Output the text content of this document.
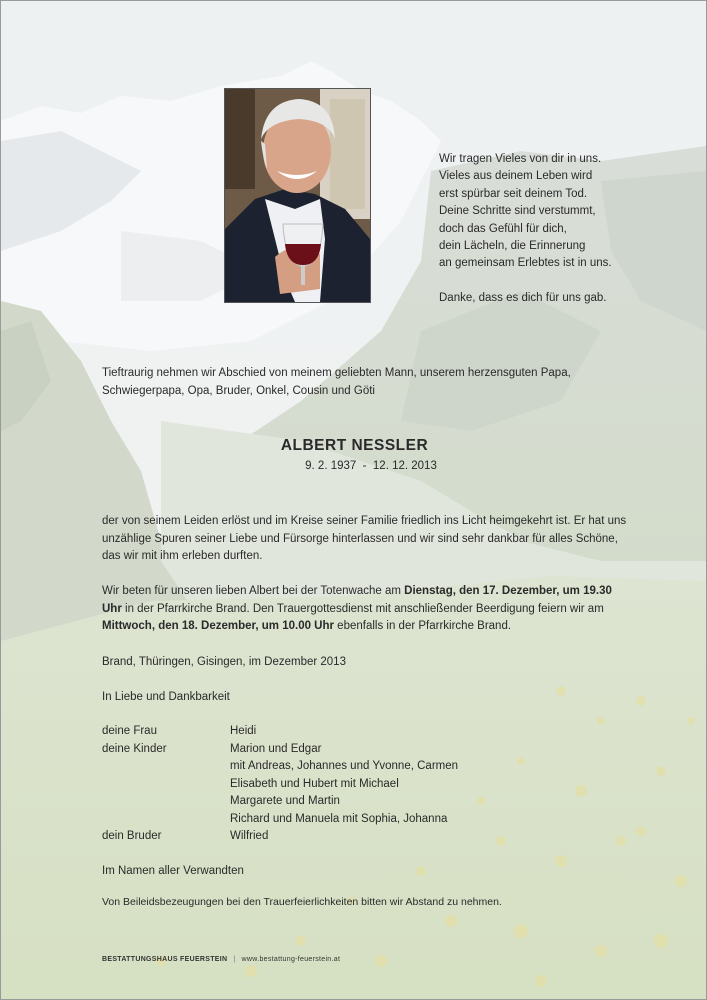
Wir tragen Vieles von dir in uns.
Vieles aus deinem Leben wird
erst spürbar seit deinem Tod.
Deine Schritte sind verstummt,
doch das Gefühl für dich,
dein Lächeln, die Erinnerung
an gemeinsam Erlebtes ist in uns.
Danke, dass es dich für uns gab.
Tieftraurig nehmen wir Abschied von meinem geliebten Mann, unserem herzensguten Papa, Schwiegerpapa, Opa, Bruder, Onkel, Cousin und Göti
ALBERT NESSLER
9. 2. 1937  -  12. 12. 2013
der von seinem Leiden erlöst und im Kreise seiner Familie friedlich ins Licht heimgekehrt ist. Er hat uns unzählige Spuren seiner Liebe und Fürsorge hinterlassen und wir sind sehr dankbar für alles Schöne, das wir mit ihm erleben durften.
Wir beten für unseren lieben Albert bei der Totenwache am Dienstag, den 17. Dezember, um 19.30 Uhr in der Pfarrkirche Brand. Den Trauergottesdienst mit anschließender Beerdigung feiern wir am Mittwoch, den 18. Dezember, um 10.00 Uhr ebenfalls in der Pfarrkirche Brand.
Brand, Thüringen, Gisingen, im Dezember 2013
In Liebe und Dankbarkeit
deine Frau	Heidi
deine Kinder	Marion und Edgar
mit Andreas, Johannes und Yvonne, Carmen
Elisabeth und Hubert mit Michael
Margarete und Martin
Richard und Manuela mit Sophia, Johanna
dein Bruder	Wilfried
Im Namen aller Verwandten
Von Beileidsbezeugungen bei den Trauerfeierlichkeiten bitten wir Abstand zu nehmen.
BESTATTUNGSHAUS FEUERSTEIN | www.bestattung-feuerstein.at
